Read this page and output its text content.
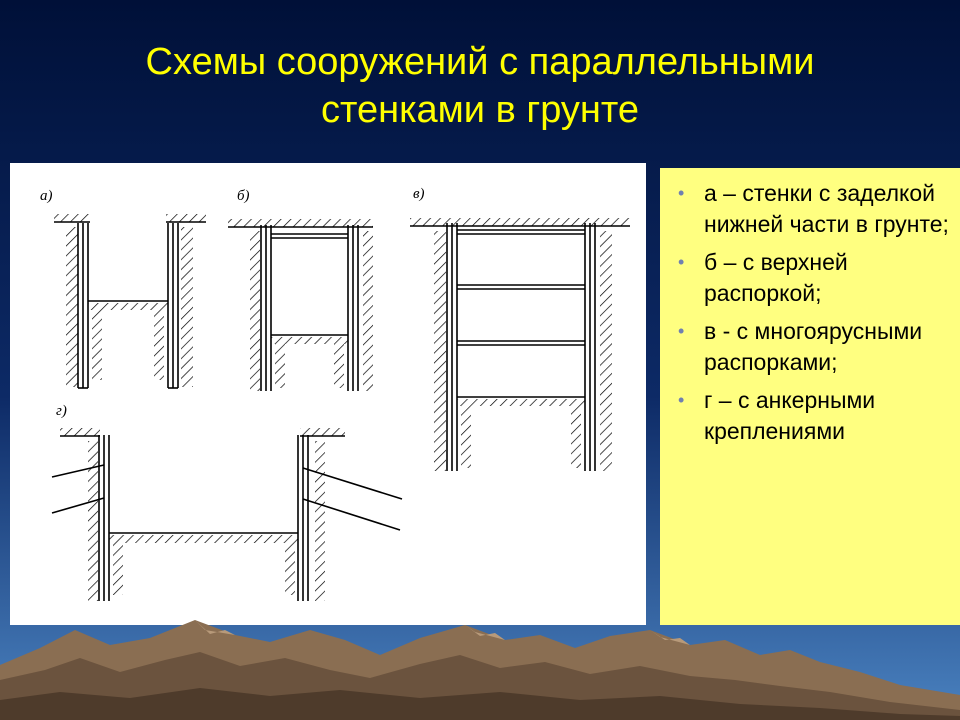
Схемы сооружений с параллельными
стенками в грунте
а)	б)	в)
г)
• а – стенки с заделкой нижней части в грунте;
• б – с верхней распоркой;
• в - с многоярусными распорками;
• г – с анкерными креплениями
